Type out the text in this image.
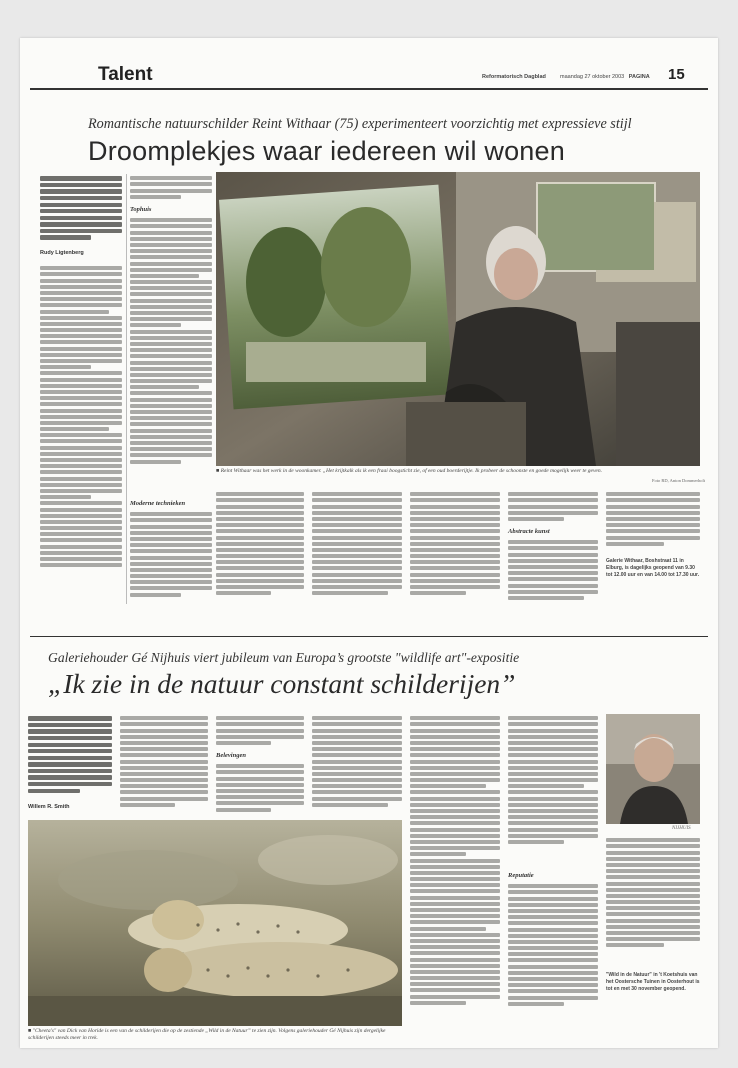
Talent	Reformatorisch Dagblad	maandag 27 oktober 2003 PAGINA 15
Romantische natuurschilder Reint Withaar (75) experimenteert voorzichtig met expressieve stijl
Droomplekjes waar iedereen wil wonen
Rudy Ligtenberg
Tophuis
Moderne technieken
■ Reint Withaar was het werk in de woonkamer. „Het krijtkalk als ik een fraai boogsticht zie, of een oud boerderijtje. Ik probeer de schoonste en goede mogelijk weer te geven.
Foto RD, Anton Dommerholt
Abstracte kunst
Galerie Withaar, Boshstraat 11 in Elburg, is dagelijks geopend van 9.30 tot 12.00 uur en van 14.00 tot 17.30 uur.
Galeriehouder Gé Nijhuis viert jubileum van Europa’s grootste "wildlife art"-expositie
„Ik zie in de natuur constant schilderijen”
Willem R. Smith
Belevingen
■ "Cheeta's" van Dick van Horide is een van de schilderijen die op de zestiende „Wild in de Natuur” te zien zijn. Volgens galeriehouder Gé Nijhuis zijn dergelijke schilderijen steeds meer in trek.
Reputatie
NIJHUIS
"Wild in de Natuur" in 't Koetshuis van het Oostersche Tuinen in Oosterhout is tot en met 30 november geopend.
